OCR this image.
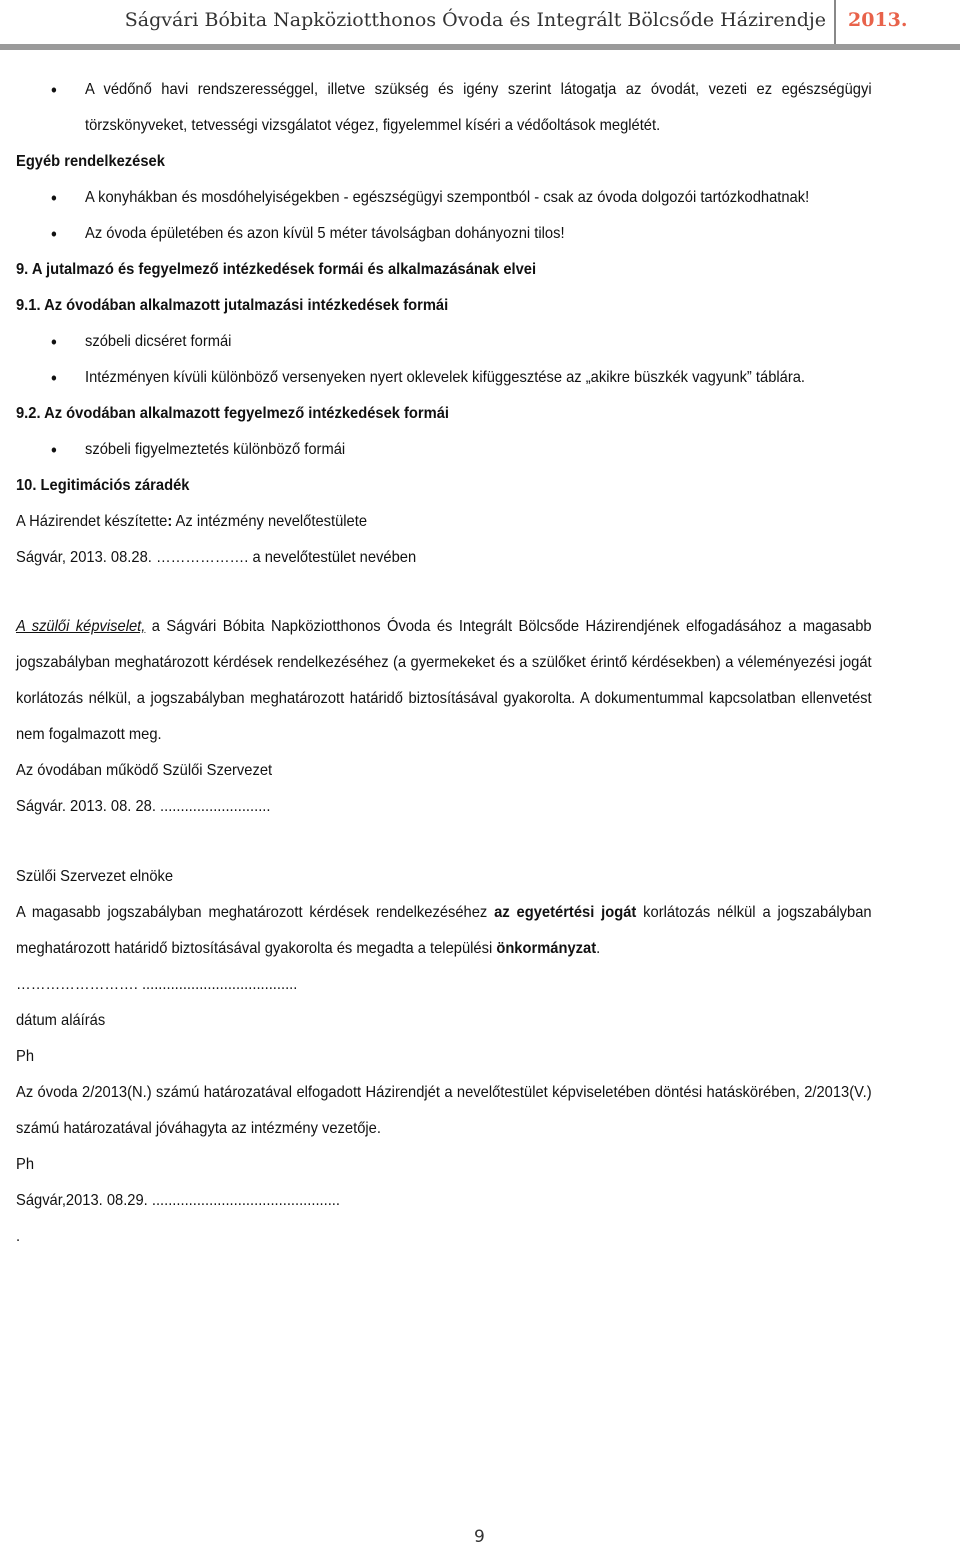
Ságvári Bóbita Napköziotthonos Óvoda és Integrált Bölcsőde Házirendje 2013.

• A védőnő havi rendszerességgel, illetve szükség és igény szerint látogatja az óvodát, vezeti ez egészségügyi törzskönyveket, tetvességi vizsgálatot végez, figyelemmel kíséri a védőoltások meglétét.

Egyéb rendelkezések

• A konyhákban és mosdóhelyiségekben - egészségügyi szempontból - csak az óvoda dolgozói tartózkodhatnak!

• Az óvoda épületében és azon kívül 5 méter távolságban dohányozni tilos!

9. A jutalmazó és fegyelmező intézkedések formái és alkalmazásának elvei

9.1. Az óvodában alkalmazott jutalmazási intézkedések formái

• szóbeli dicséret formái

• Intézményen kívüli különböző versenyeken nyert oklevelek kifüggesztése az „akikre büszkék vagyunk” táblára.

9.2. Az óvodában alkalmazott fegyelmező intézkedések formái

• szóbeli figyelmeztetés különböző formái

10. Legitimációs záradék

A Házirendet készítette: Az intézmény nevelőtestülete

Ságvár, 2013. 08.28. ………………. a nevelőtestület nevében

A szülői képviselet, a Ságvári Bóbita Napköziotthonos Óvoda és Integrált Bölcsőde Házirendjének elfogadásához a magasabb jogszabályban meghatározott kérdések rendelkezéséhez (a gyermekeket és a szülőket érintő kérdésekben) a véleményezési jogát korlátozás nélkül, a jogszabályban meghatározott határidő biztosításával gyakorolta. A dokumentummal kapcsolatban ellenvetést nem fogalmazott meg.

Az óvodában működő Szülői Szervezet

Ságvár. 2013. 08. 28. ...........................

Szülői Szervezet elnöke

A magasabb jogszabályban meghatározott kérdések rendelkezéséhez az egyetértési jogát korlátozás nélkül a jogszabályban meghatározott határidő biztosításával gyakorolta és megadta a települési önkormányzat.

……………………. ......................................

dátum aláírás

Ph

Az óvoda 2/2013(N.) számú határozatával elfogadott Házirendjét a nevelőtestület képviseletében döntési hatáskörében, 2/2013(V.) számú határozatával jóváhagyta az intézmény vezetője.

Ph

Ságvár,2013. 08.29. ..............................................

.

9
